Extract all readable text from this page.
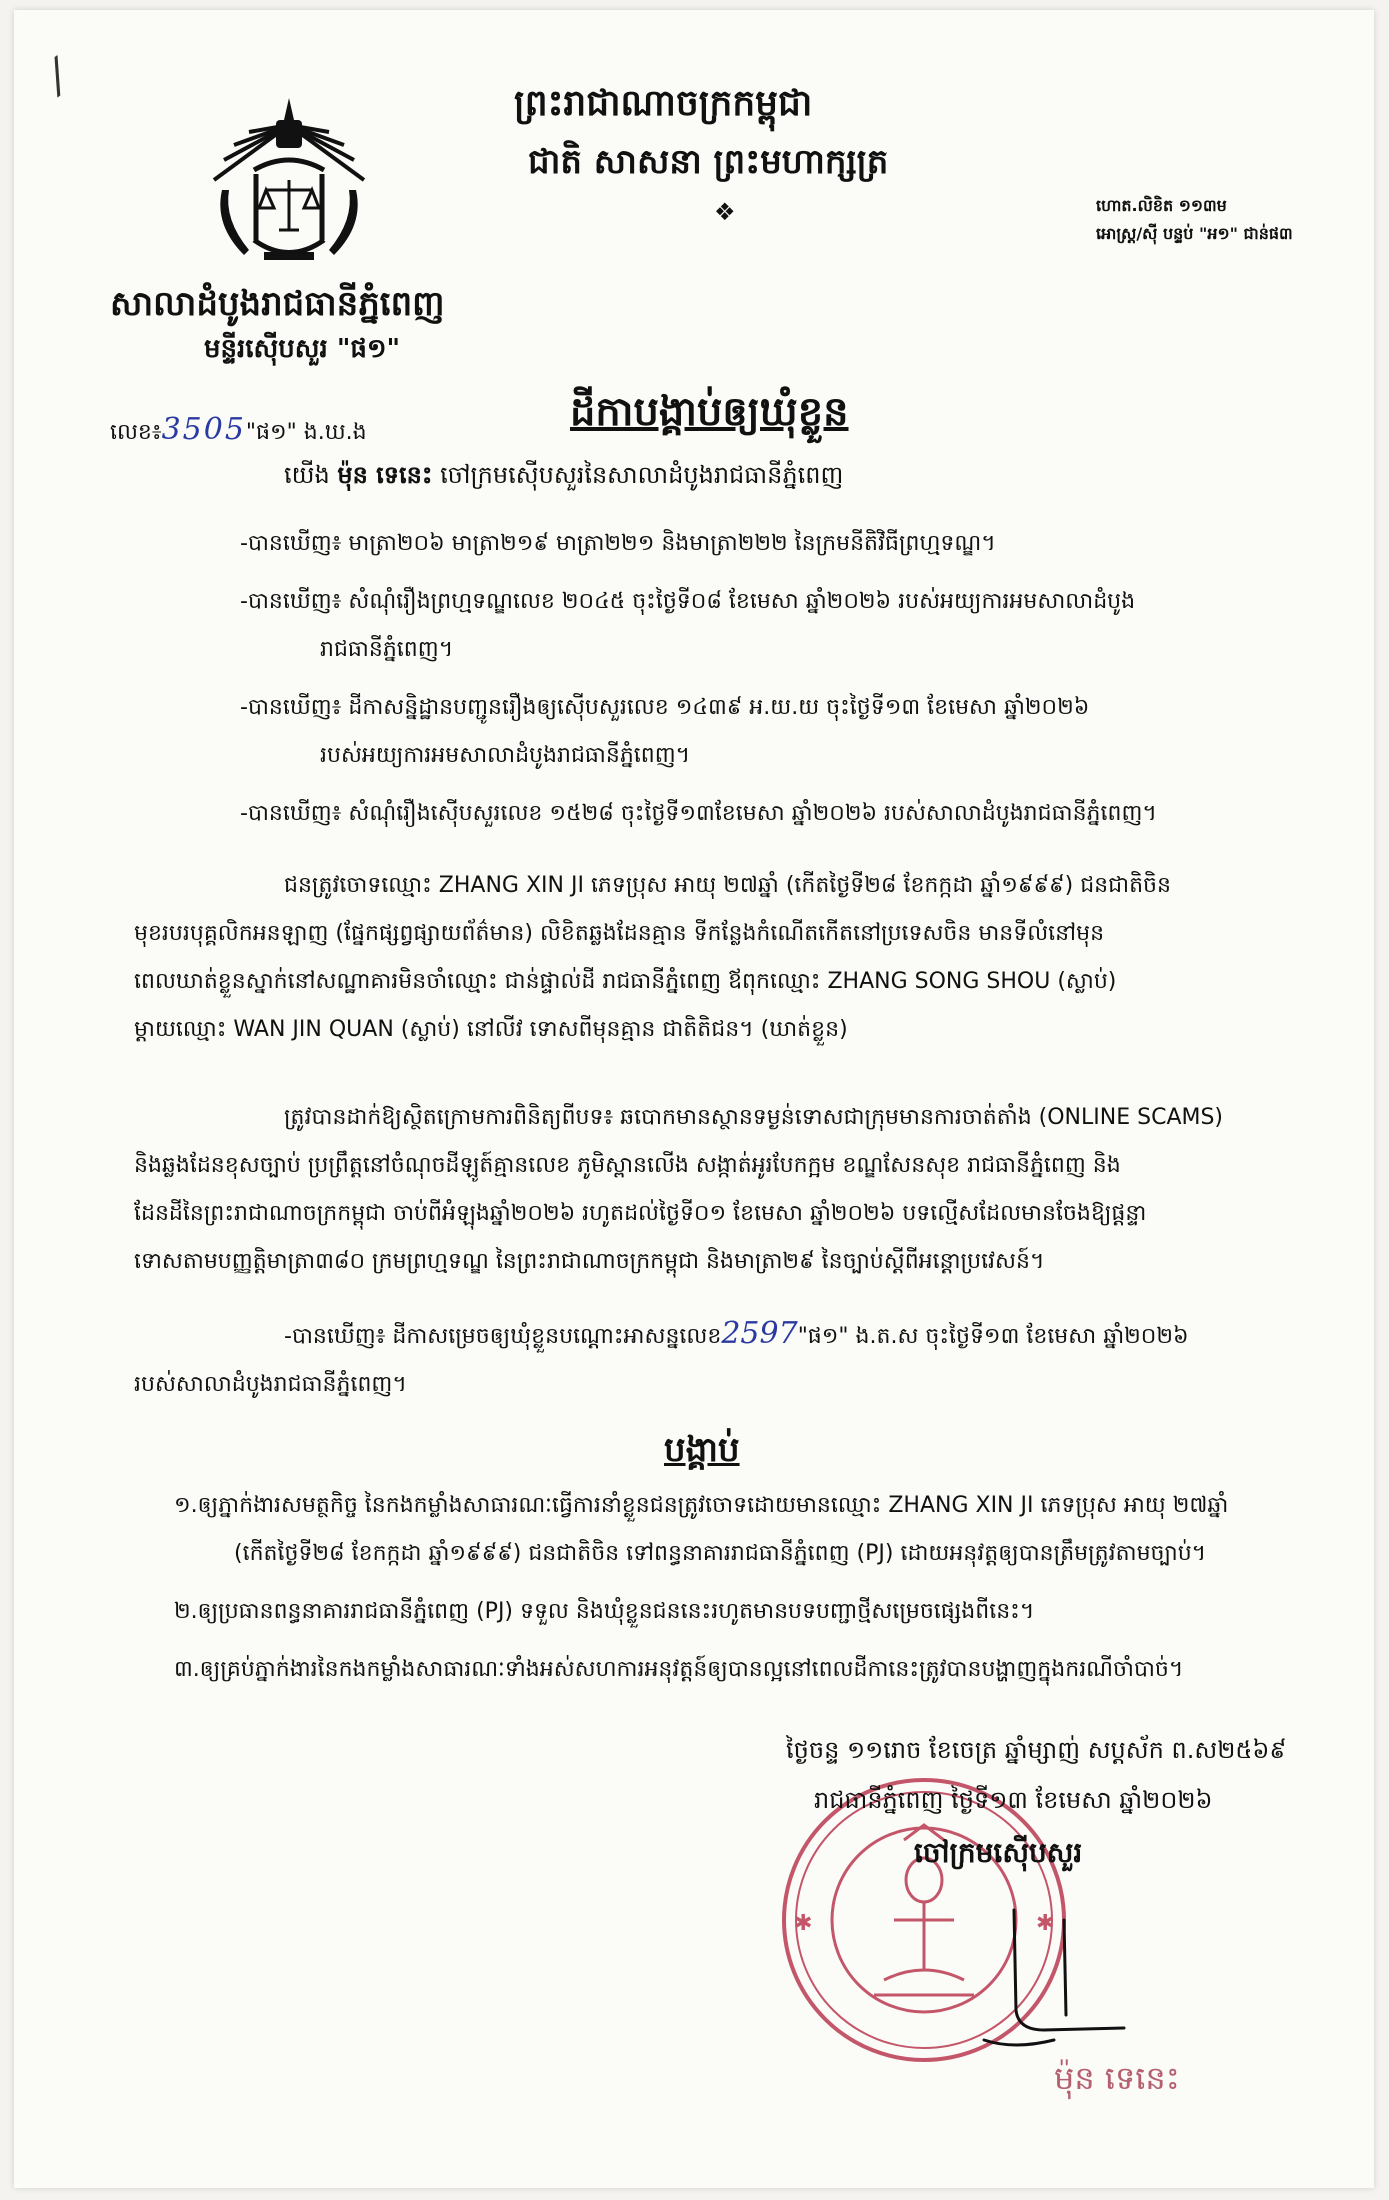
⁄
សាលាដំបូងរាជធានីភ្នំពេញ
មន្ទីរស៊ើបសួរ "ផ១"
ព្រះរាជាណាចក្រកម្ពុជា
ជាតិ សាសនា ព្រះមហាក្សត្រ
❖	ហោត.លិខិត ១១៣ម
អោស្ដ្រ/ស៊ី បន្ទប់ "អ១" ជាន់ផ៣
លេខ៖3505"ផ១" ង.ឃ.ង	ដីកាបង្គាប់ឲ្យឃុំខ្លួន
យើង ម៉ុន ទេនេះ ចៅក្រមស៊ើបសួរនៃសាលាដំបូងរាជធានីភ្នំពេញ
-បានឃើញ៖ មាត្រា២០៦ មាត្រា២១៩ មាត្រា២២១ និងមាត្រា២២២ នៃក្រមនីតិវិធីព្រហ្មទណ្ឌ។
-បានឃើញ៖ សំណុំរឿងព្រហ្មទណ្ឌលេខ ២០៤៥ ចុះថ្ងៃទី០៨ ខែមេសា ឆ្នាំ២០២៦ របស់អយ្យការអមសាលាដំបូង
រាជធានីភ្នំពេញ។
-បានឃើញ៖ ដីកាសន្និដ្ឋានបញ្ជូនរឿងឲ្យស៊ើបសួរលេខ ១៤៣៩ អ.យ.យ ចុះថ្ងៃទី១៣ ខែមេសា ឆ្នាំ២០២៦
របស់អយ្យការអមសាលាដំបូងរាជធានីភ្នំពេញ។
-បានឃើញ៖ សំណុំរឿងស៊ើបសួរលេខ ១៥២៨ ចុះថ្ងៃទី១៣ខែមេសា ឆ្នាំ២០២៦ របស់សាលាដំបូងរាជធានីភ្នំពេញ។
ជនត្រូវចោទឈ្មោះ ZHANG XIN JI ភេទប្រុស អាយុ ២៧ឆ្នាំ (កើតថ្ងៃទី២៨ ខែកក្កដា ឆ្នាំ១៩៩៩) ជនជាតិចិន
មុខរបរបុគ្គលិកអនឡាញ (ផ្នែកផ្សព្វផ្សាយព័ត៌មាន) លិខិតឆ្លងដែនគ្មាន ទីកន្លែងកំណើតកើតនៅប្រទេសចិន មានទីលំនៅមុន
ពេលឃាត់ខ្លួនស្នាក់នៅសណ្ឋាគារមិនចាំឈ្មោះ ជាន់ផ្ទាល់ដី រាជធានីភ្នំពេញ ឪពុកឈ្មោះ ZHANG SONG SHOU (ស្លាប់)
ម្ដាយឈ្មោះ WAN JIN QUAN (ស្លាប់) នៅលីវ ទោសពីមុនគ្មាន ជាតិតិជន។ (ឃាត់ខ្លួន)
ត្រូវបានដាក់ឱ្យស្ថិតក្រោមការពិនិត្យពីបទ៖ ឆបោកមានស្ថានទម្ងន់ទោសជាក្រុមមានការចាត់តាំង (ONLINE SCAMS)
និងឆ្លងដែនខុសច្បាប់ ប្រព្រឹត្តនៅចំណុចដីឡូត៍គ្មានលេខ ភូមិស្ពានលើង សង្កាត់អូរបែកក្អម ខណ្ឌសែនសុខ រាជធានីភ្នំពេញ និង
ដែនដីនៃព្រះរាជាណាចក្រកម្ពុជា ចាប់ពីអំឡុងឆ្នាំ២០២៦ រហូតដល់ថ្ងៃទី០១ ខែមេសា ឆ្នាំ២០២៦ បទល្មើសដែលមានចែងឱ្យផ្ដន្ទា
ទោសតាមបញ្ញត្តិមាត្រា៣៨០ ក្រមព្រហ្មទណ្ឌ នៃព្រះរាជាណាចក្រកម្ពុជា និងមាត្រា២៩ នៃច្បាប់ស្ដីពីអន្តោប្រវេសន៍។
-បានឃើញ៖ ដីកាសម្រេចឲ្យឃុំខ្លួនបណ្ដោះអាសន្នលេខ2597"ផ១" ង.ត.ស ចុះថ្ងៃទី១៣ ខែមេសា ឆ្នាំ២០២៦
របស់សាលាដំបូងរាជធានីភ្នំពេញ។
បង្គាប់
១.ឲ្យភ្នាក់ងារសមត្ថកិច្ច នៃកងកម្លាំងសាធារណៈធ្វើការនាំខ្លួនជនត្រូវចោទដោយមានឈ្មោះ ZHANG XIN JI ភេទប្រុស អាយុ ២៧ឆ្នាំ
(កើតថ្ងៃទី២៨ ខែកក្កដា ឆ្នាំ១៩៩៩) ជនជាតិចិន ទៅពន្ធនាគាររាជធានីភ្នំពេញ (PJ) ដោយអនុវត្តឲ្យបានត្រឹមត្រូវតាមច្បាប់។
២.ឲ្យប្រធានពន្ធនាគាររាជធានីភ្នំពេញ (PJ) ទទួល និងឃុំខ្លួនជននេះរហូតមានបទបញ្ជាថ្មីសម្រេចផ្សេងពីនេះ។
៣.ឲ្យគ្រប់ភ្នាក់ងារនៃកងកម្លាំងសាធារណៈទាំងអស់សហការអនុវត្តន៍ឲ្យបានល្អនៅពេលដីកានេះត្រូវបានបង្ហាញក្នុងករណីចាំបាច់។
✱	✱
ថ្ងៃចន្ទ ១១រោច ខែចេត្រ ឆ្នាំម្សាញ់ សប្តស័ក ព.ស២៥៦៩
រាជធានីភ្នំពេញ ថ្ងៃទី១៣ ខែមេសា ឆ្នាំ២០២៦
ចៅក្រមស៊ើបសួរ
ម៉ុន ទេនេះ
